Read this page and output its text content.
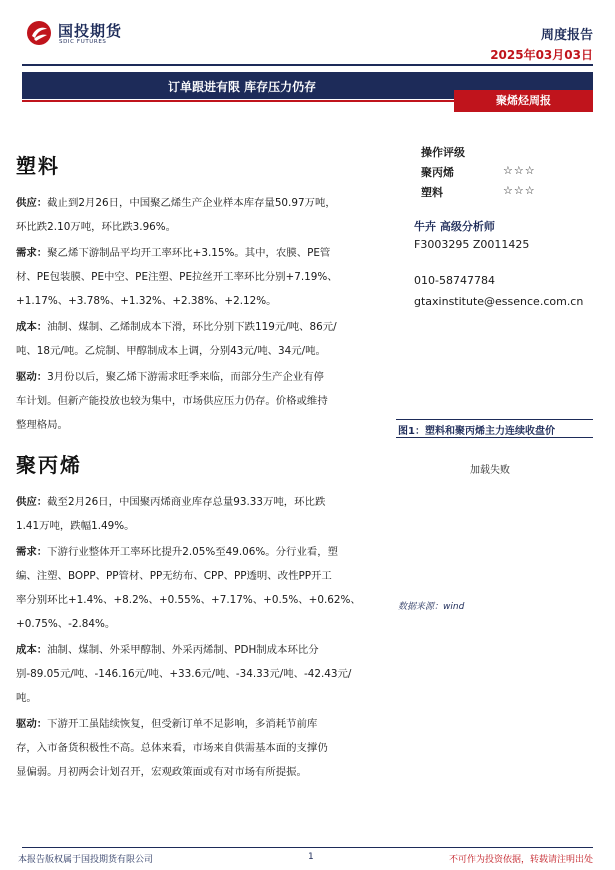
国投期货
SDIC FUTURES	周度报告
2025年03月03日
订单跟进有限 库存压力仍存
聚烯烃周报
塑料
供应：截止到2月26日，中国聚乙烯生产企业样本库存量50.97万吨，
环比跌2.10万吨，环比跌3.96%。
需求：聚乙烯下游制品平均开工率环比+3.15%。其中，农膜、PE管
材、PE包装膜、PE中空、PE注塑、PE拉丝开工率环比分别+7.19%、
+1.17%、+3.78%、+1.32%、+2.38%、+2.12%。
成本：油制、煤制、乙烯制成本下滑，环比分别下跌119元/吨、86元/
吨、18元/吨。乙烷制、甲醇制成本上调，分别43元/吨、34元/吨。
驱动：3月份以后，聚乙烯下游需求旺季来临，而部分生产企业有停
车计划。但新产能投放也较为集中，市场供应压力仍存。价格或维持
整理格局。
聚丙烯
供应：截至2月26日，中国聚丙烯商业库存总量93.33万吨，环比跌
1.41万吨，跌幅1.49%。
需求：下游行业整体开工率环比提升2.05%至49.06%。分行业看，塑
编、注塑、BOPP、PP管材、PP无纺布、CPP、PP透明、改性PP开工
率分别环比+1.4%、+8.2%、+0.55%、+7.17%、+0.5%、+0.62%、
+0.75%、-2.84%。
成本：油制、煤制、外采甲醇制、外采丙烯制、PDH制成本环比分
别-89.05元/吨、-146.16元/吨、+33.6元/吨、-34.33元/吨、-42.43元/
吨。
驱动：下游开工虽陆续恢复，但受新订单不足影响，多消耗节前库
存，入市备货积极性不高。总体来看，市场来自供需基本面的支撑仍
显偏弱。月初两会计划召开，宏观政策面或有对市场有所提振。
操作评级
聚丙烯	☆☆☆
塑料	☆☆☆
牛卉 高级分析师
F3003295 Z0011425
010-58747784
gtaxinstitute@essence.com.cn
图1：塑料和聚丙烯主力连续收盘价
加载失败
数据来源：wind
本报告版权属于国投期货有限公司	1	不可作为投资依据，转载请注明出处
